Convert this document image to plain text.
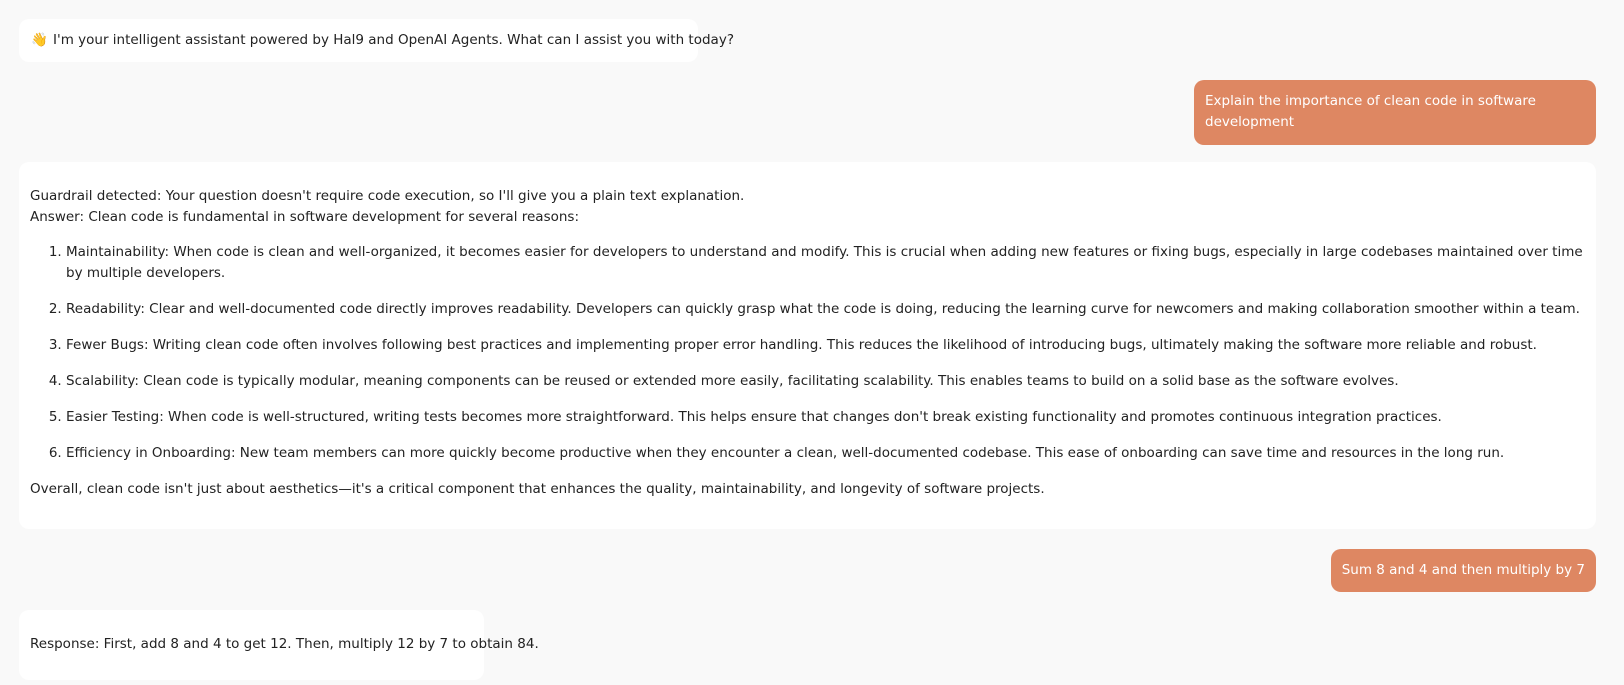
👋 I'm your intelligent assistant powered by Hal9 and OpenAI Agents. What can I assist you with today?
Explain the importance of clean code in software development

Guardrail detected: Your question doesn't require code execution, so I'll give you a plain text explanation.

Answer: Clean code is fundamental in software development for several reasons:

1. Maintainability: When code is clean and well-organized, it becomes easier for developers to understand and modify. This is crucial when adding new features or fixing bugs, especially in large codebases maintained over time by multiple developers.
2. Readability: Clear and well-documented code directly improves readability. Developers can quickly grasp what the code is doing, reducing the learning curve for newcomers and making collaboration smoother within a team.
3. Fewer Bugs: Writing clean code often involves following best practices and implementing proper error handling. This reduces the likelihood of introducing bugs, ultimately making the software more reliable and robust.
4. Scalability: Clean code is typically modular, meaning components can be reused or extended more easily, facilitating scalability. This enables teams to build on a solid base as the software evolves.
5. Easier Testing: When code is well-structured, writing tests becomes more straightforward. This helps ensure that changes don't break existing functionality and promotes continuous integration practices.
6. Efficiency in Onboarding: New team members can more quickly become productive when they encounter a clean, well-documented codebase. This ease of onboarding can save time and resources in the long run.

Overall, clean code isn't just about aesthetics—it's a critical component that enhances the quality, maintainability, and longevity of software projects.

Sum 8 and 4 and then multiply by 7
Response: First, add 8 and 4 to get 12. Then, multiply 12 by 7 to obtain 84.
